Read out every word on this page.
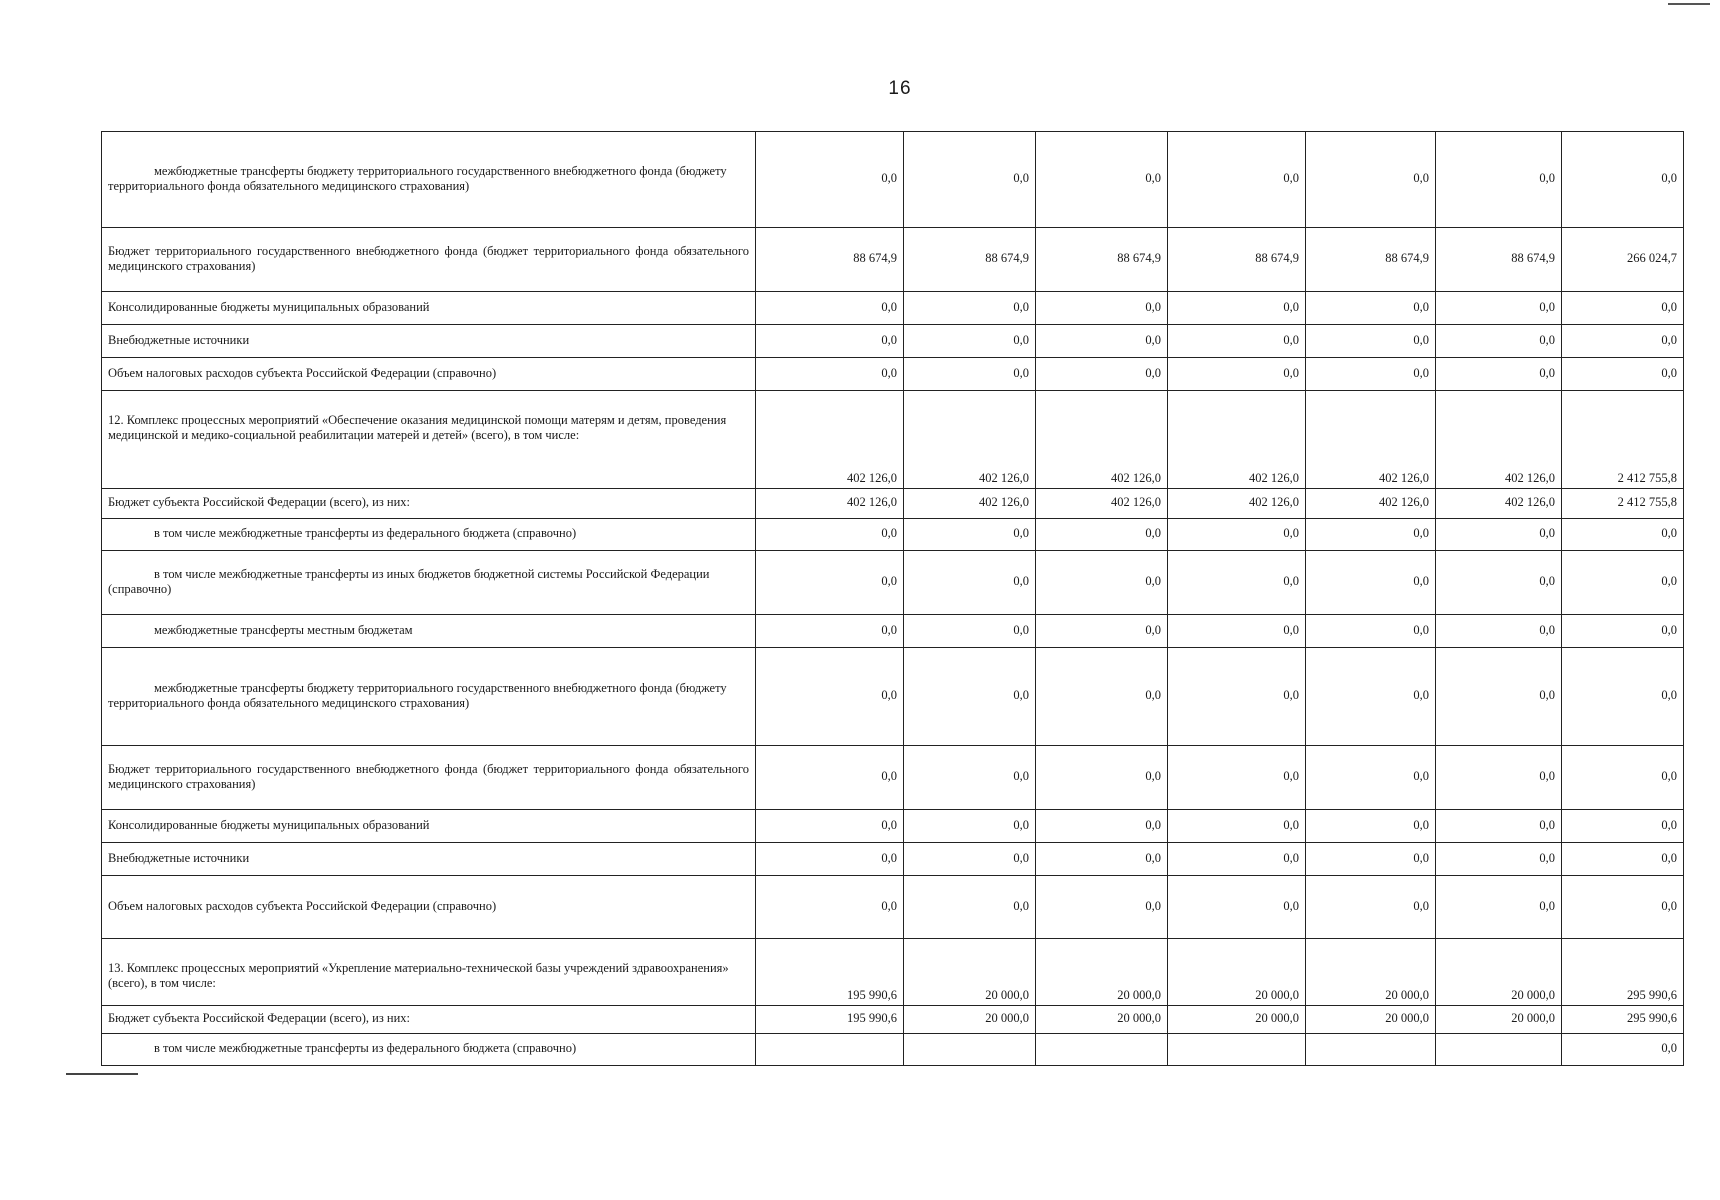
16
межбюджетные трансферты бюджету территориального государственного внебюджетного фонда (бюджету территориального фонда обязательного медицинского страхования)	0,0	0,0	0,0	0,0	0,0	0,0	0,0
Бюджет территориального государственного внебюджетного фонда (бюджет территориального фонда обязательного медицинского страхования)	88 674,9	88 674,9	88 674,9	88 674,9	88 674,9	88 674,9	266 024,7
Консолидированные бюджеты муниципальных образований	0,0	0,0	0,0	0,0	0,0	0,0	0,0
Внебюджетные источники	0,0	0,0	0,0	0,0	0,0	0,0	0,0
Объем налоговых расходов субъекта Российской Федерации (справочно)	0,0	0,0	0,0	0,0	0,0	0,0	0,0
12. Комплекс процессных мероприятий «Обеспечение оказания медицинской помощи матерям и детям, проведения медицинской и медико-социальной реабилитации матерей и детей» (всего), в том числе:	402 126,0	402 126,0	402 126,0	402 126,0	402 126,0	402 126,0	2 412 755,8
Бюджет субъекта Российской Федерации (всего), из них:	402 126,0	402 126,0	402 126,0	402 126,0	402 126,0	402 126,0	2 412 755,8
в том числе межбюджетные трансферты из федерального бюджета (справочно)	0,0	0,0	0,0	0,0	0,0	0,0	0,0
в том числе межбюджетные трансферты из иных бюджетов бюджетной системы Российской Федерации (справочно)	0,0	0,0	0,0	0,0	0,0	0,0	0,0
межбюджетные трансферты местным бюджетам	0,0	0,0	0,0	0,0	0,0	0,0	0,0
межбюджетные трансферты бюджету территориального государственного внебюджетного фонда (бюджету территориального фонда обязательного медицинского страхования)	0,0	0,0	0,0	0,0	0,0	0,0	0,0
Бюджет территориального государственного внебюджетного фонда (бюджет территориального фонда обязательного медицинского страхования)	0,0	0,0	0,0	0,0	0,0	0,0	0,0
Консолидированные бюджеты муниципальных образований	0,0	0,0	0,0	0,0	0,0	0,0	0,0
Внебюджетные источники	0,0	0,0	0,0	0,0	0,0	0,0	0,0
Объем налоговых расходов субъекта Российской Федерации (справочно)	0,0	0,0	0,0	0,0	0,0	0,0	0,0
13. Комплекс процессных мероприятий «Укрепление материально-технической базы учреждений здравоохранения» (всего), в том числе:	195 990,6	20 000,0	20 000,0	20 000,0	20 000,0	20 000,0	295 990,6
Бюджет субъекта Российской Федерации (всего), из них:	195 990,6	20 000,0	20 000,0	20 000,0	20 000,0	20 000,0	295 990,6
в том числе межбюджетные трансферты из федерального бюджета (справочно)							0,0
